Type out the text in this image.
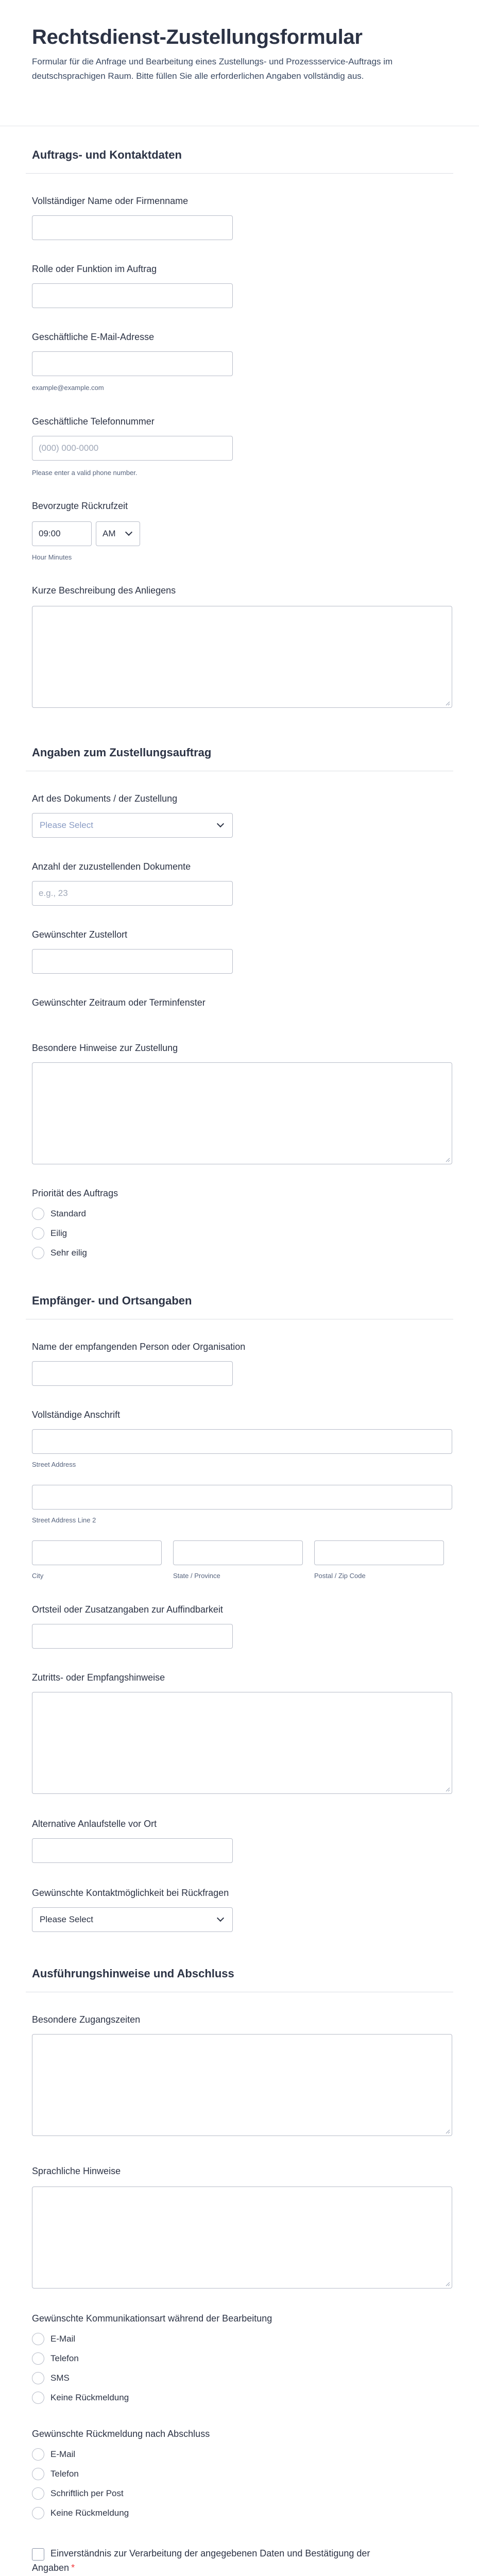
Rechtsdienst-Zustellungsformular
Formular für die Anfrage und Bearbeitung eines Zustellungs- und Prozessservice-Auftrags im deutschsprachigen Raum. Bitte füllen Sie alle erforderlichen Angaben vollständig aus.
Auftrags- und Kontaktdaten
Vollständiger Name oder Firmenname
Rolle oder Funktion im Auftrag
Geschäftliche E-Mail-Adresse
example@example.com
Geschäftliche Telefonnummer
(000) 000-0000
Please enter a valid phone number.
Bevorzugte Rückrufzeit
09:00	AM
Hour Minutes
Kurze Beschreibung des Anliegens
Angaben zum Zustellungsauftrag
Art des Dokuments / der Zustellung
Please Select
Anzahl der zuzustellenden Dokumente
e.g., 23
Gewünschter Zustellort
Gewünschter Zeitraum oder Terminfenster
Besondere Hinweise zur Zustellung
Priorität des Auftrags
Standard
Eilig
Sehr eilig
Empfänger- und Ortsangaben
Name der empfangenden Person oder Organisation
Vollständige Anschrift
Street Address
Street Address Line 2
City	State / Province	Postal / Zip Code
Ortsteil oder Zusatzangaben zur Auffindbarkeit
Zutritts- oder Empfangshinweise
Alternative Anlaufstelle vor Ort
Gewünschte Kontaktmöglichkeit bei Rückfragen
Please Select
Ausführungshinweise und Abschluss
Besondere Zugangszeiten
Sprachliche Hinweise
Gewünschte Kommunikationsart während der Bearbeitung
E-Mail
Telefon
SMS
Keine Rückmeldung
Gewünschte Rückmeldung nach Abschluss
E-Mail
Telefon
Schriftlich per Post
Keine Rückmeldung
Einverständnis zur Verarbeitung der angegebenen Daten und Bestätigung der Angaben *
